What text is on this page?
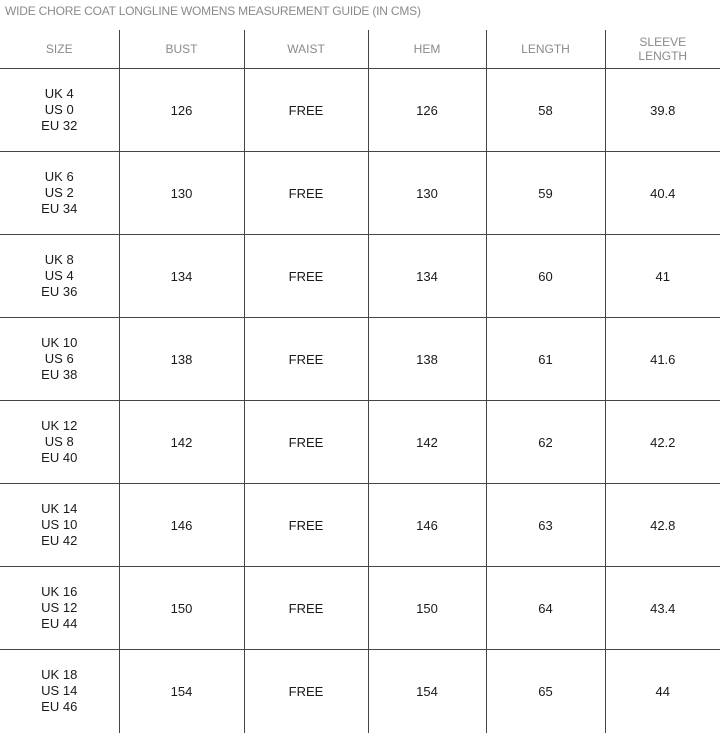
WIDE CHORE COAT LONGLINE WOMENS MEASUREMENT GUIDE (IN CMS)
SIZE	BUST	WAIST	HEM	LENGTH	SLEEVE LENGTH

UK 4
US 0
EU 32	126	FREE	126	58	39.8

UK 6
US 2
EU 34	130	FREE	130	59	40.4

UK 8
US 4
EU 36	134	FREE	134	60	41

UK 10
US 6
EU 38	138	FREE	138	61	41.6

UK 12
US 8
EU 40	142	FREE	142	62	42.2

UK 14
US 10
EU 42	146	FREE	146	63	42.8

UK 16
US 12
EU 44	150	FREE	150	64	43.4

UK 18
US 14
EU 46	154	FREE	154	65	44
